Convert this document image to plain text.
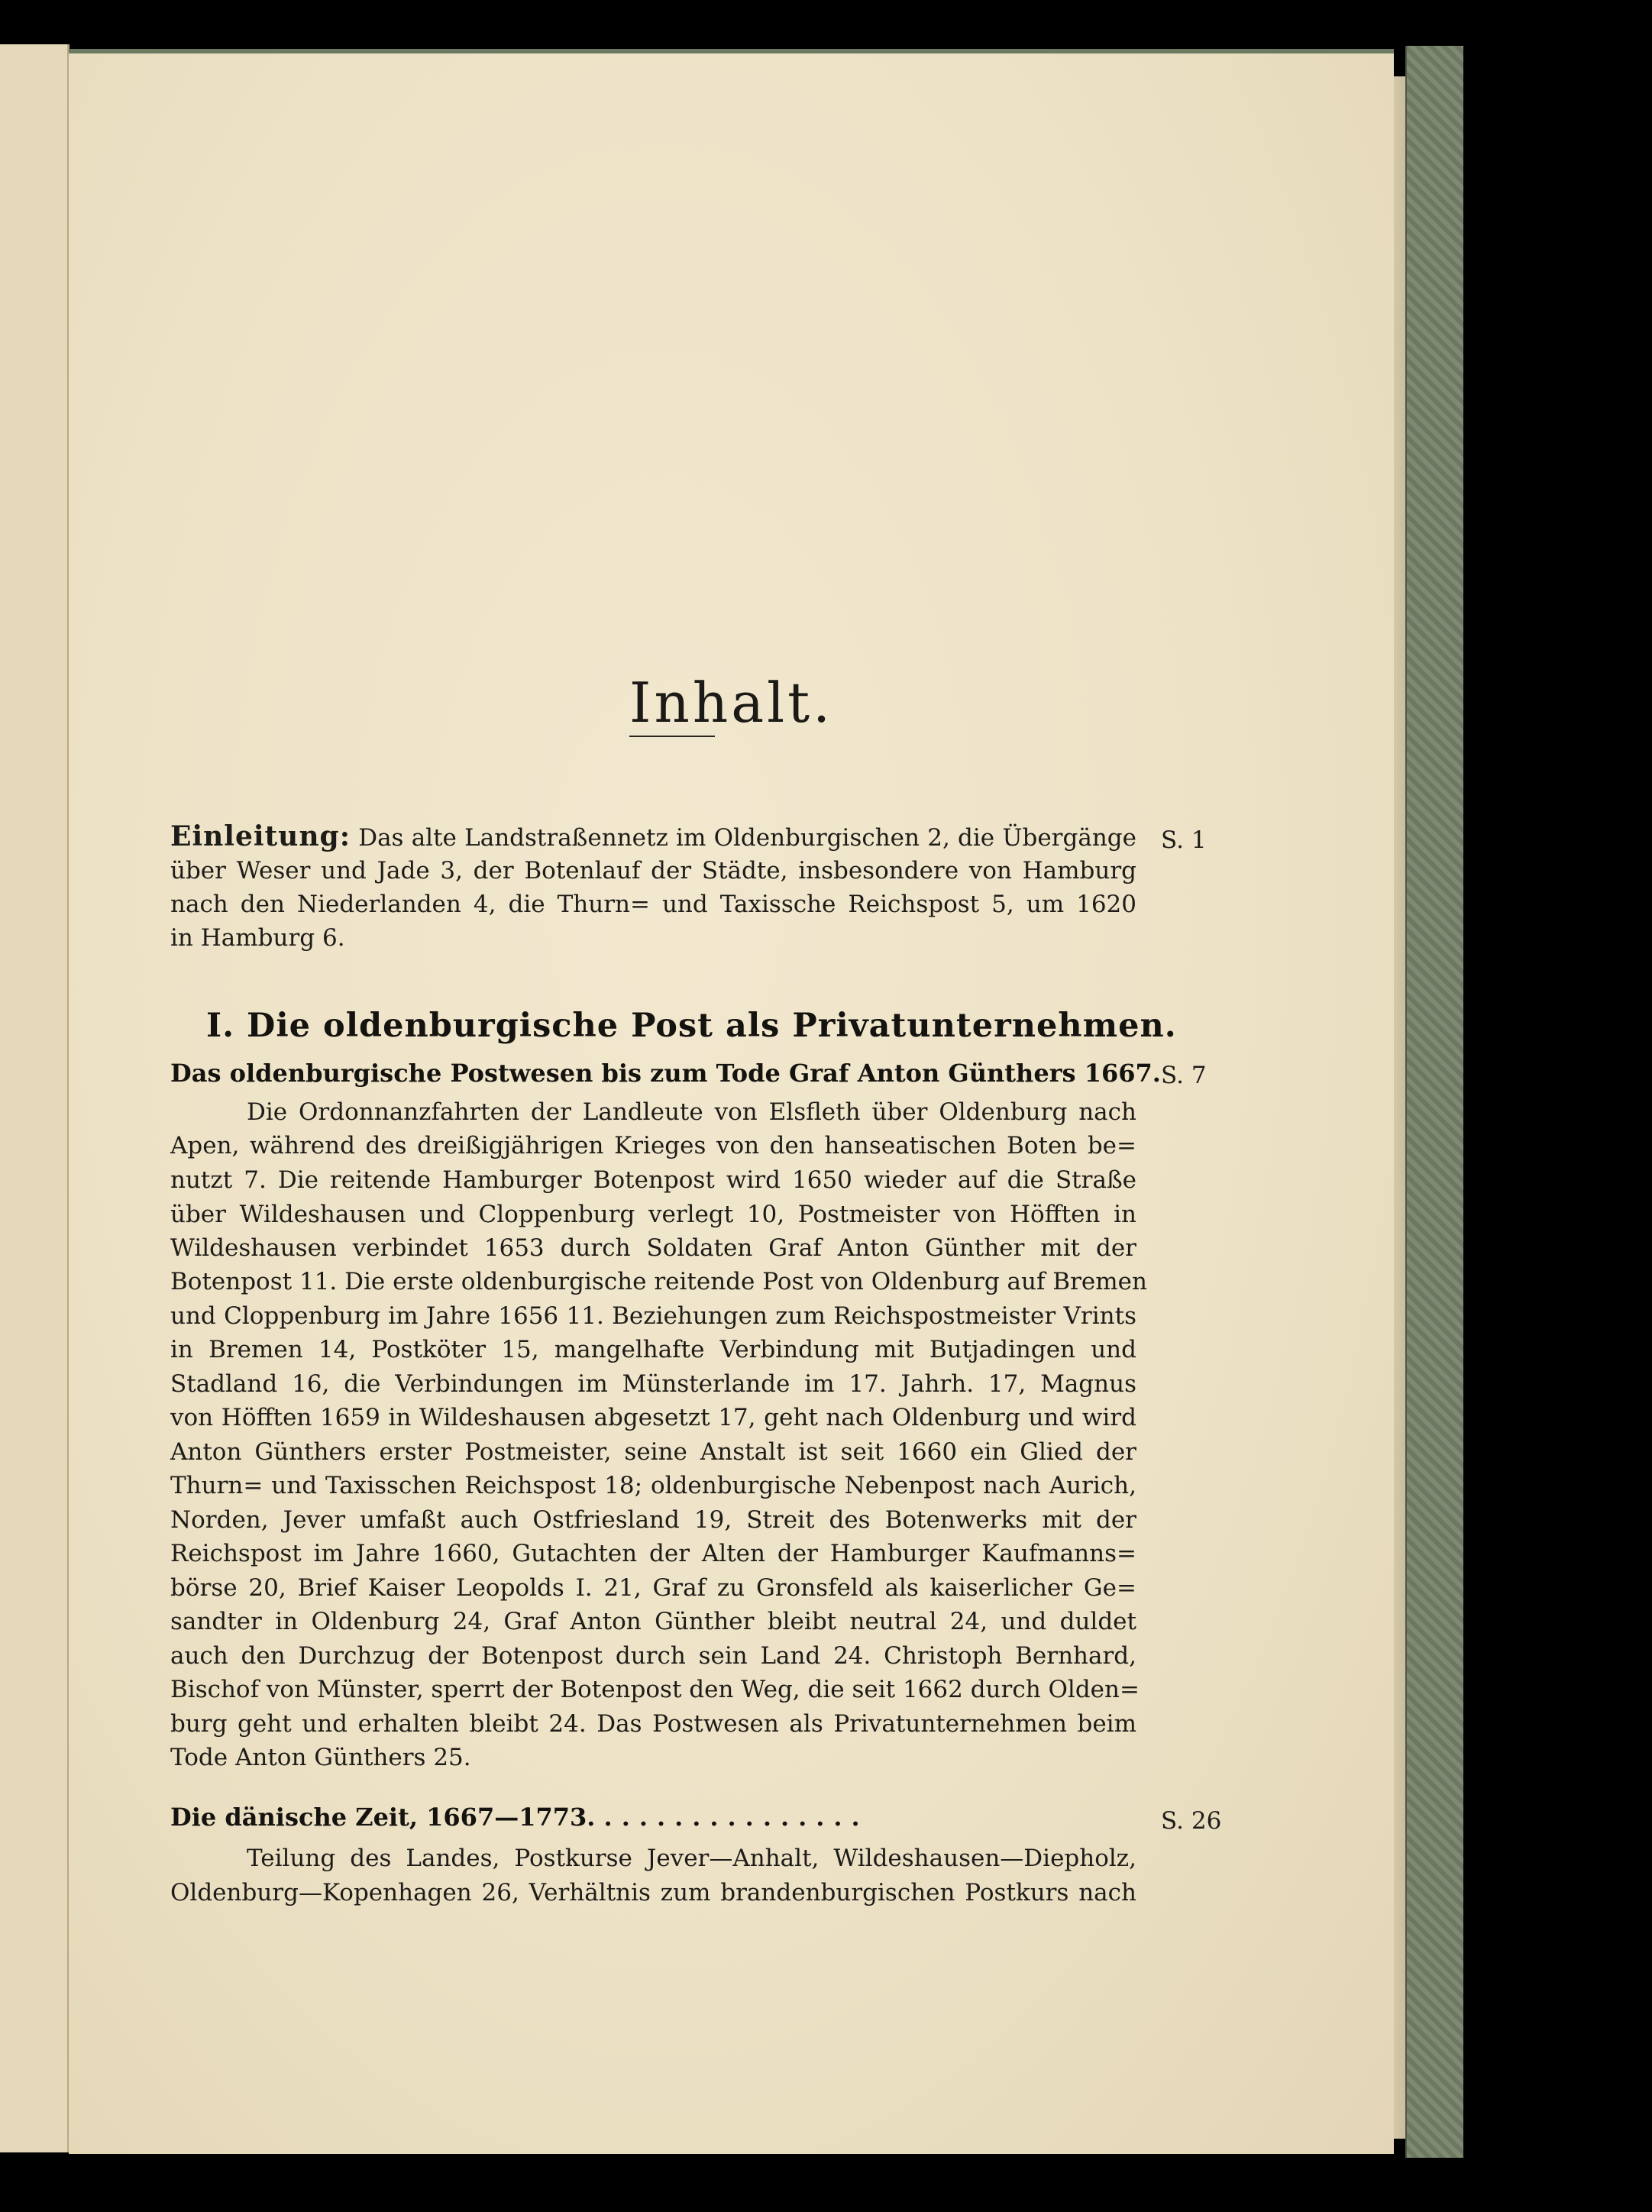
Inhalt.
Einleitung: Das alte Landstraßennetz im Oldenburgischen 2, die Übergänge S. 1
über Weser und Jade 3, der Botenlauf der Städte, insbesondere von Hamburg
nach den Niederlanden 4, die Thurn= und Taxissche Reichspost 5, um 1620
in Hamburg 6.
I. Die oldenburgische Post als Privatunternehmen.
Das oldenburgische Postwesen bis zum Tode Graf Anton Günthers 1667. S. 7
Die Ordonnanzfahrten der Landleute von Elsfleth über Oldenburg nach
Apen, während des dreißigjährigen Krieges von den hanseatischen Boten be=
nutzt 7. Die reitende Hamburger Botenpost wird 1650 wieder auf die Straße
über Wildeshausen und Cloppenburg verlegt 10, Postmeister von Höfften in
Wildeshausen verbindet 1653 durch Soldaten Graf Anton Günther mit der
Botenpost 11. Die erste oldenburgische reitende Post von Oldenburg auf Bremen
und Cloppenburg im Jahre 1656 11. Beziehungen zum Reichspostmeister Vrints
in Bremen 14, Postköter 15, mangelhafte Verbindung mit Butjadingen und
Stadland 16, die Verbindungen im Münsterlande im 17. Jahrh. 17, Magnus
von Höfften 1659 in Wildeshausen abgesetzt 17, geht nach Oldenburg und wird
Anton Günthers erster Postmeister, seine Anstalt ist seit 1660 ein Glied der
Thurn= und Taxisschen Reichspost 18; oldenburgische Nebenpost nach Aurich,
Norden, Jever umfaßt auch Ostfriesland 19, Streit des Botenwerks mit der
Reichspost im Jahre 1660, Gutachten der Alten der Hamburger Kaufmanns=
börse 20, Brief Kaiser Leopolds I. 21, Graf zu Gronsfeld als kaiserlicher Ge=
sandter in Oldenburg 24, Graf Anton Günther bleibt neutral 24, und duldet
auch den Durchzug der Botenpost durch sein Land 24. Christoph Bernhard,
Bischof von Münster, sperrt der Botenpost den Weg, die seit 1662 durch Olden=
burg geht und erhalten bleibt 24. Das Postwesen als Privatunternehmen beim
Tode Anton Günthers 25.
Die dänische Zeit, 1667—1773. ...............	S. 26
Teilung des Landes, Postkurse Jever—Anhalt, Wildeshausen—Diepholz,
Oldenburg—Kopenhagen 26, Verhältnis zum brandenburgischen Postkurs nach
